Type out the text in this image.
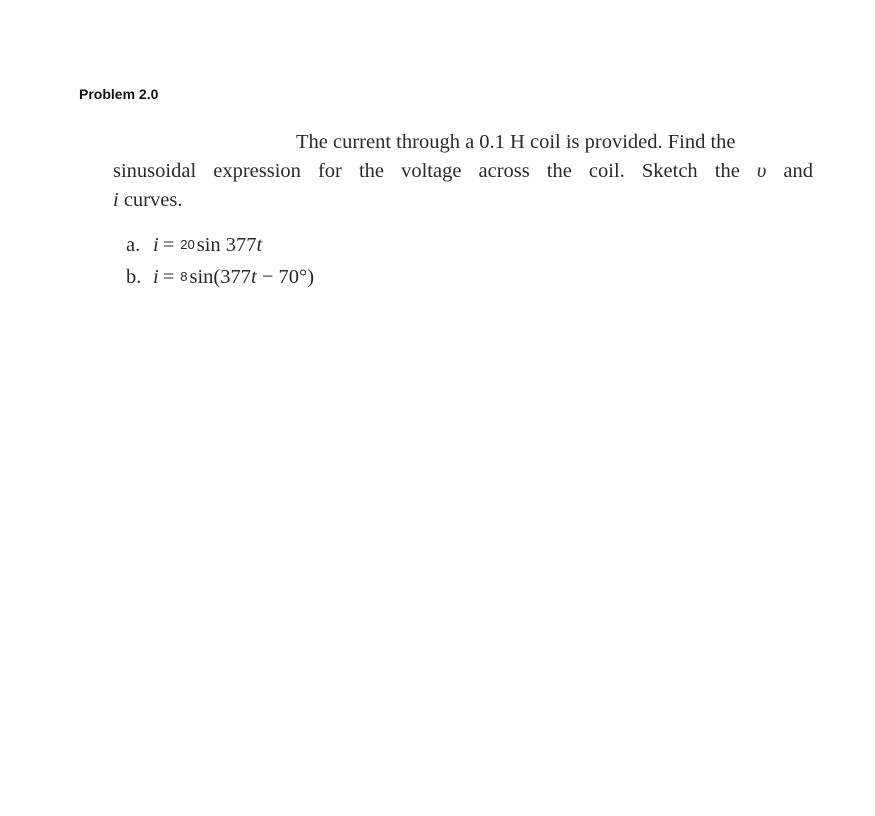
Problem 2.0
The current through a 0.1 H coil is provided. Find the
sinusoidal expression for the voltage across the coil. Sketch the υ and
i curves.
a. i = 20sin 377t
b. i = 8sin(377t − 70°)
